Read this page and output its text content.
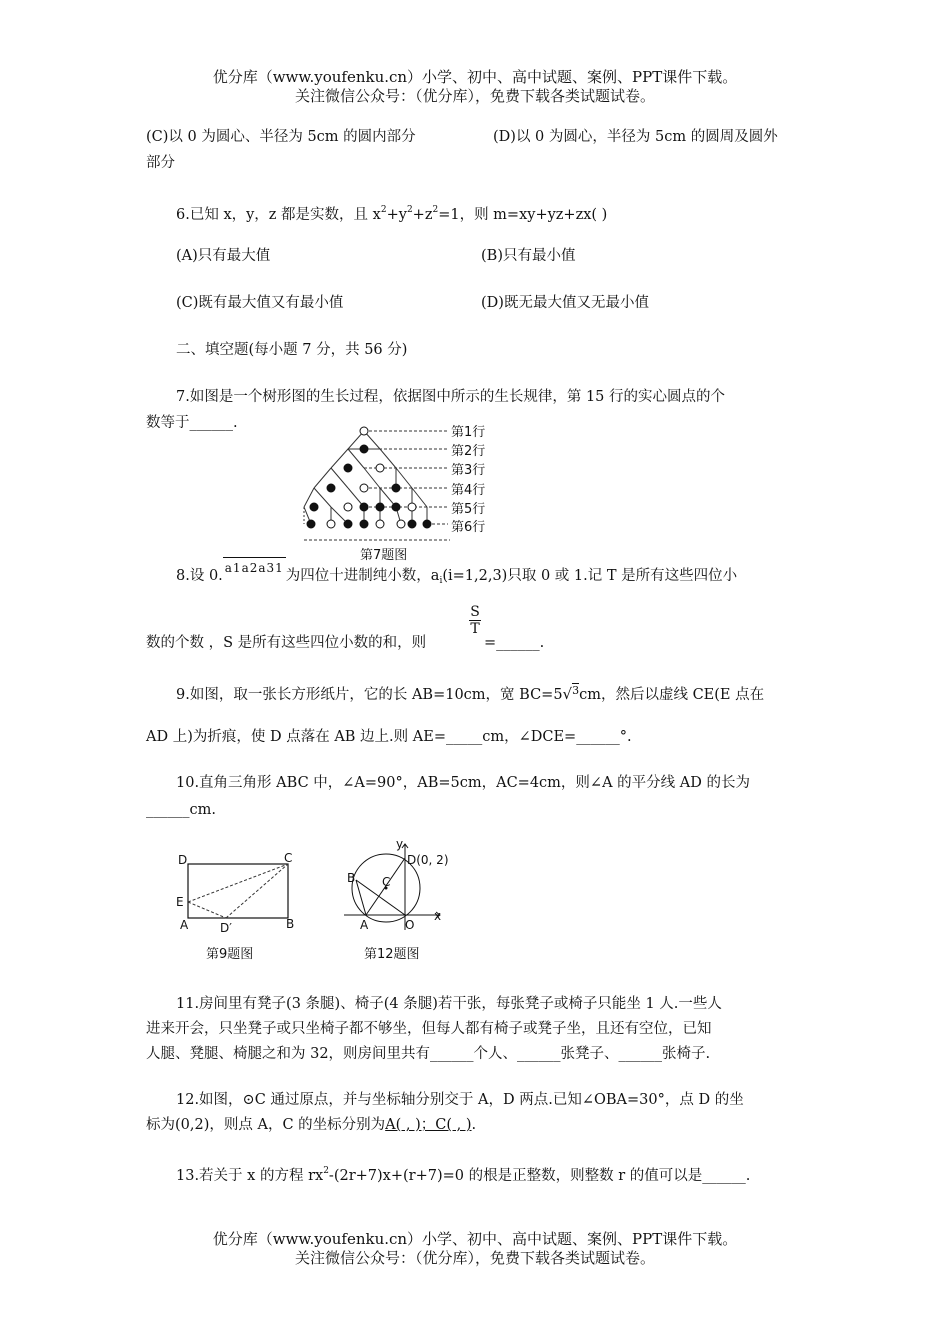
优分库（www.youfenku.cn）小学、初中、高中试题、案例、PPT课件下载。
关注微信公众号：（优分库），免费下载各类试题试卷。
(C)以 0 为圆心、半径为 5cm 的圆内部分	(D)以 0 为圆心，半径为 5cm 的圆周及圆外
部分
6.已知 x，y，z 都是实数，且 $x^2+y^2+z^2=1$，则 m=xy+yz+zx( )
(A)只有最大值	(B)只有最小值
(C)既有最大值又有最小值	(D)既无最大值又无最小值
二、填空题(每小题 7 分，共 56 分)
7.如图是一个树形图的生长过程，依据图中所示的生长规律，第 15 行的实心圆点的个
数等于______.
第1行
第2行
第3行
第4行
第5行
第6行
第7题图
8.设 0. a1a2a31 为四位十进制纯小数，$a_i(i=1,2,3)$只取 0 或 1.记 T 是所有这些四位小
数的个数 ，S 是所有这些四位小数的和，则
S
T
=______.
9.如图，取一张长方形纸片，它的长 AB=10cm，宽 BC=5√$^3$cm，然后以虚线 CE(E 点在
AD 上)为折痕，使 D 点落在 AB 边上.则 AE=_____cm，∠DCE=______°.
10.直角三角形 ABC 中，∠A=90°，AB=5cm，AC=4cm，则∠A 的平分线 AD 的长为
______cm.
D	C
E
A	D′	B
第9题图
y
D(0, 2)
B C
A	O
x
第12题图
11.房间里有凳子(3 条腿)、椅子(4 条腿)若干张，每张凳子或椅子只能坐 1 人.一些人
进来开会，只坐凳子或只坐椅子都不够坐，但每人都有椅子或凳子坐，且还有空位，已知
人腿、凳腿、椅腿之和为 32，则房间里共有______个人、______张凳子、______张椅子.
12.如图，⊙C 通过原点，并与坐标轴分别交于 A，D 两点.已知∠OBA=30°，点 D 的坐
标为(0,2)，则点 A，C 的坐标分别为A( , )；C( , ).
13.若关于 x 的方程 $rx^2-(2r+7)x+(r+7)=0$ 的根是正整数，则整数 r 的值可以是______.
优分库（www.youfenku.cn）小学、初中、高中试题、案例、PPT课件下载。
关注微信公众号：（优分库），免费下载各类试题试卷。
